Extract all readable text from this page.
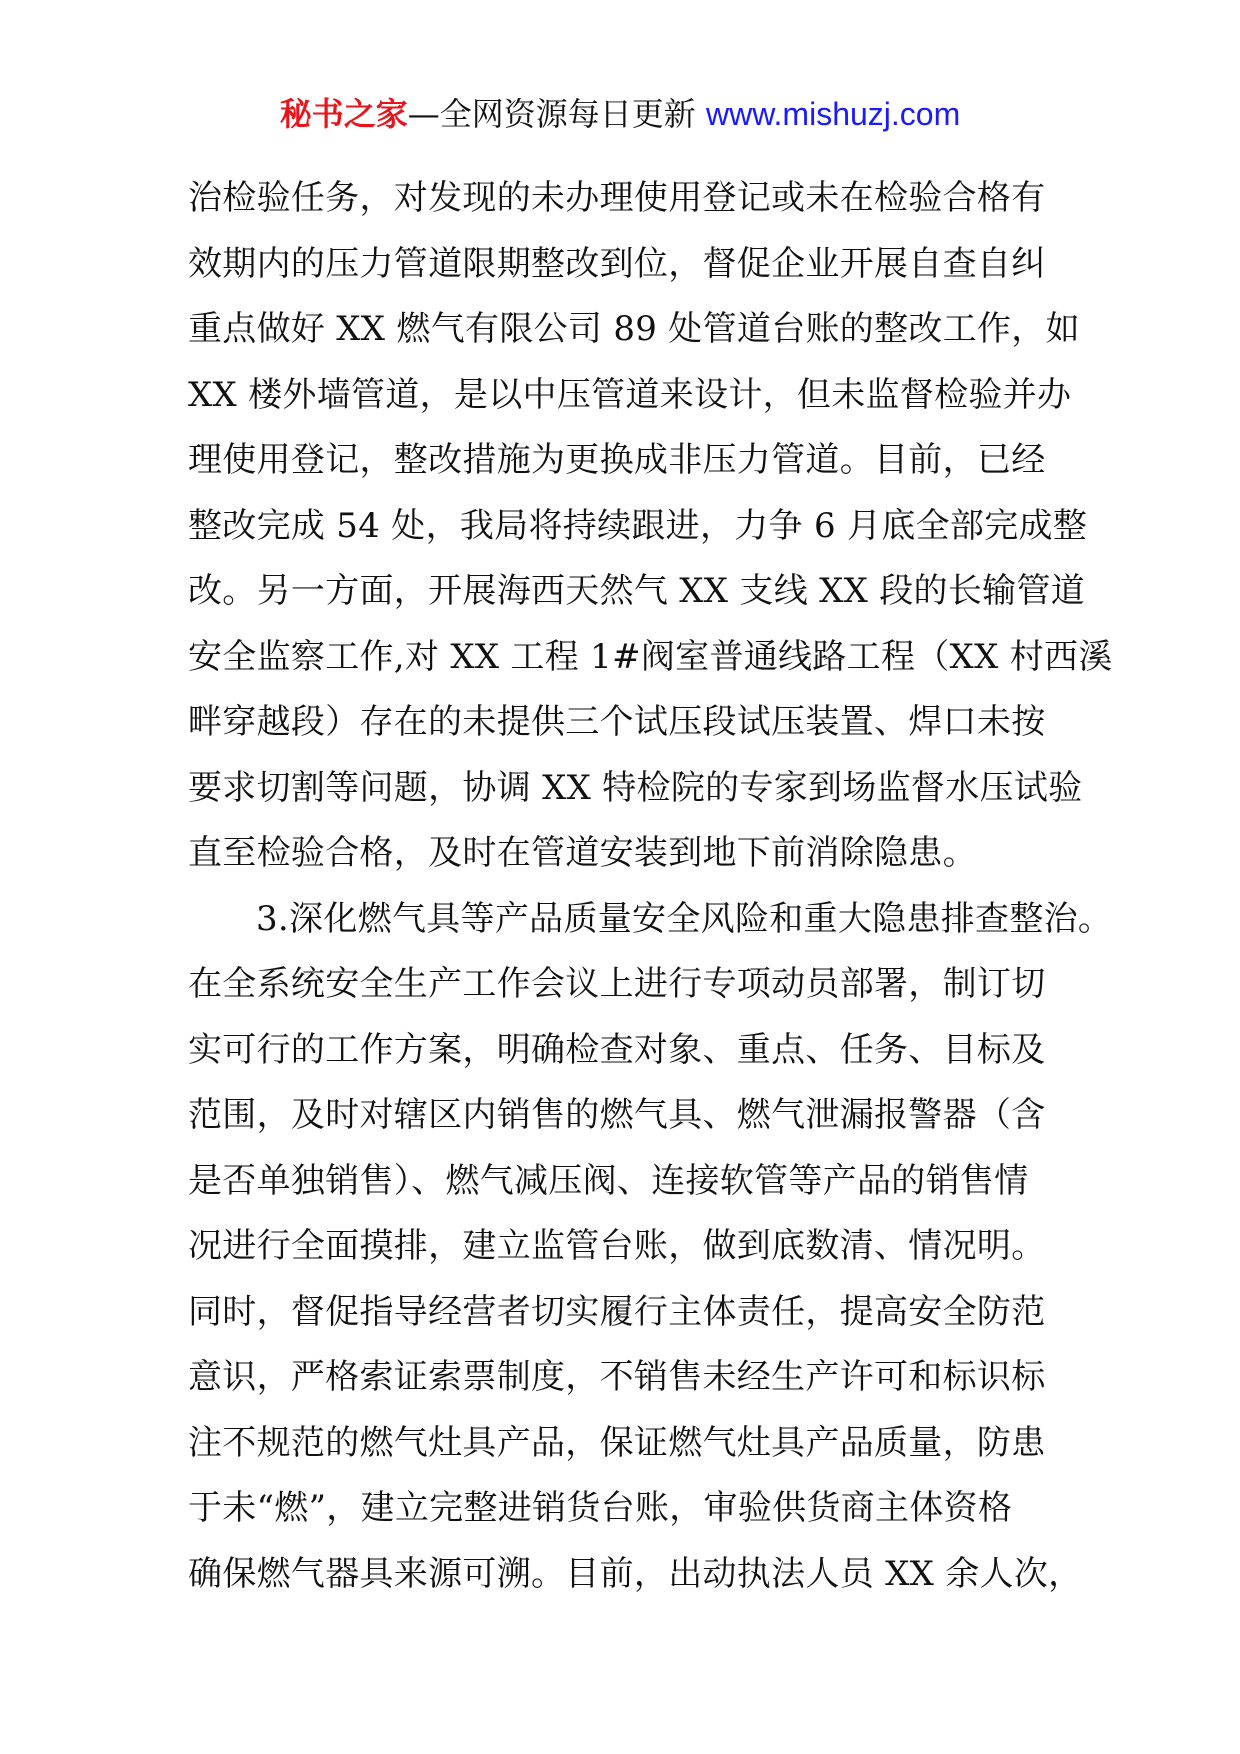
秘书之家—全网资源每日更新 www.mishuzj.com
治检验任务，对发现的未办理使用登记或未在检验合格有
效期内的压力管道限期整改到位，督促企业开展自查自纠
重点做好 XX 燃气有限公司 89 处管道台账的整改工作，如
XX 楼外墙管道，是以中压管道来设计，但未监督检验并办
理使用登记，整改措施为更换成非压力管道。目前，已经
整改完成 54 处，我局将持续跟进，力争 6 月底全部完成整
改。另一方面，开展海西天然气 XX 支线 XX 段的长输管道
安全监察工作,对 XX 工程 1#阀室普通线路工程（XX 村西溪
畔穿越段）存在的未提供三个试压段试压装置、焊口未按
要求切割等问题，协调 XX 特检院的专家到场监督水压试验
直至检验合格，及时在管道安装到地下前消除隐患。
3.深化燃气具等产品质量安全风险和重大隐患排查整治。
在全系统安全生产工作会议上进行专项动员部署，制订切
实可行的工作方案，明确检查对象、重点、任务、目标及
范围，及时对辖区内销售的燃气具、燃气泄漏报警器（含
是否单独销售）、燃气减压阀、连接软管等产品的销售情
况进行全面摸排，建立监管台账，做到底数清、情况明。
同时，督促指导经营者切实履行主体责任，提高安全防范
意识，严格索证索票制度，不销售未经生产许可和标识标
注不规范的燃气灶具产品，保证燃气灶具产品质量，防患
于未“燃”，建立完整进销货台账，审验供货商主体资格
确保燃气器具来源可溯。目前，出动执法人员 XX 余人次，
